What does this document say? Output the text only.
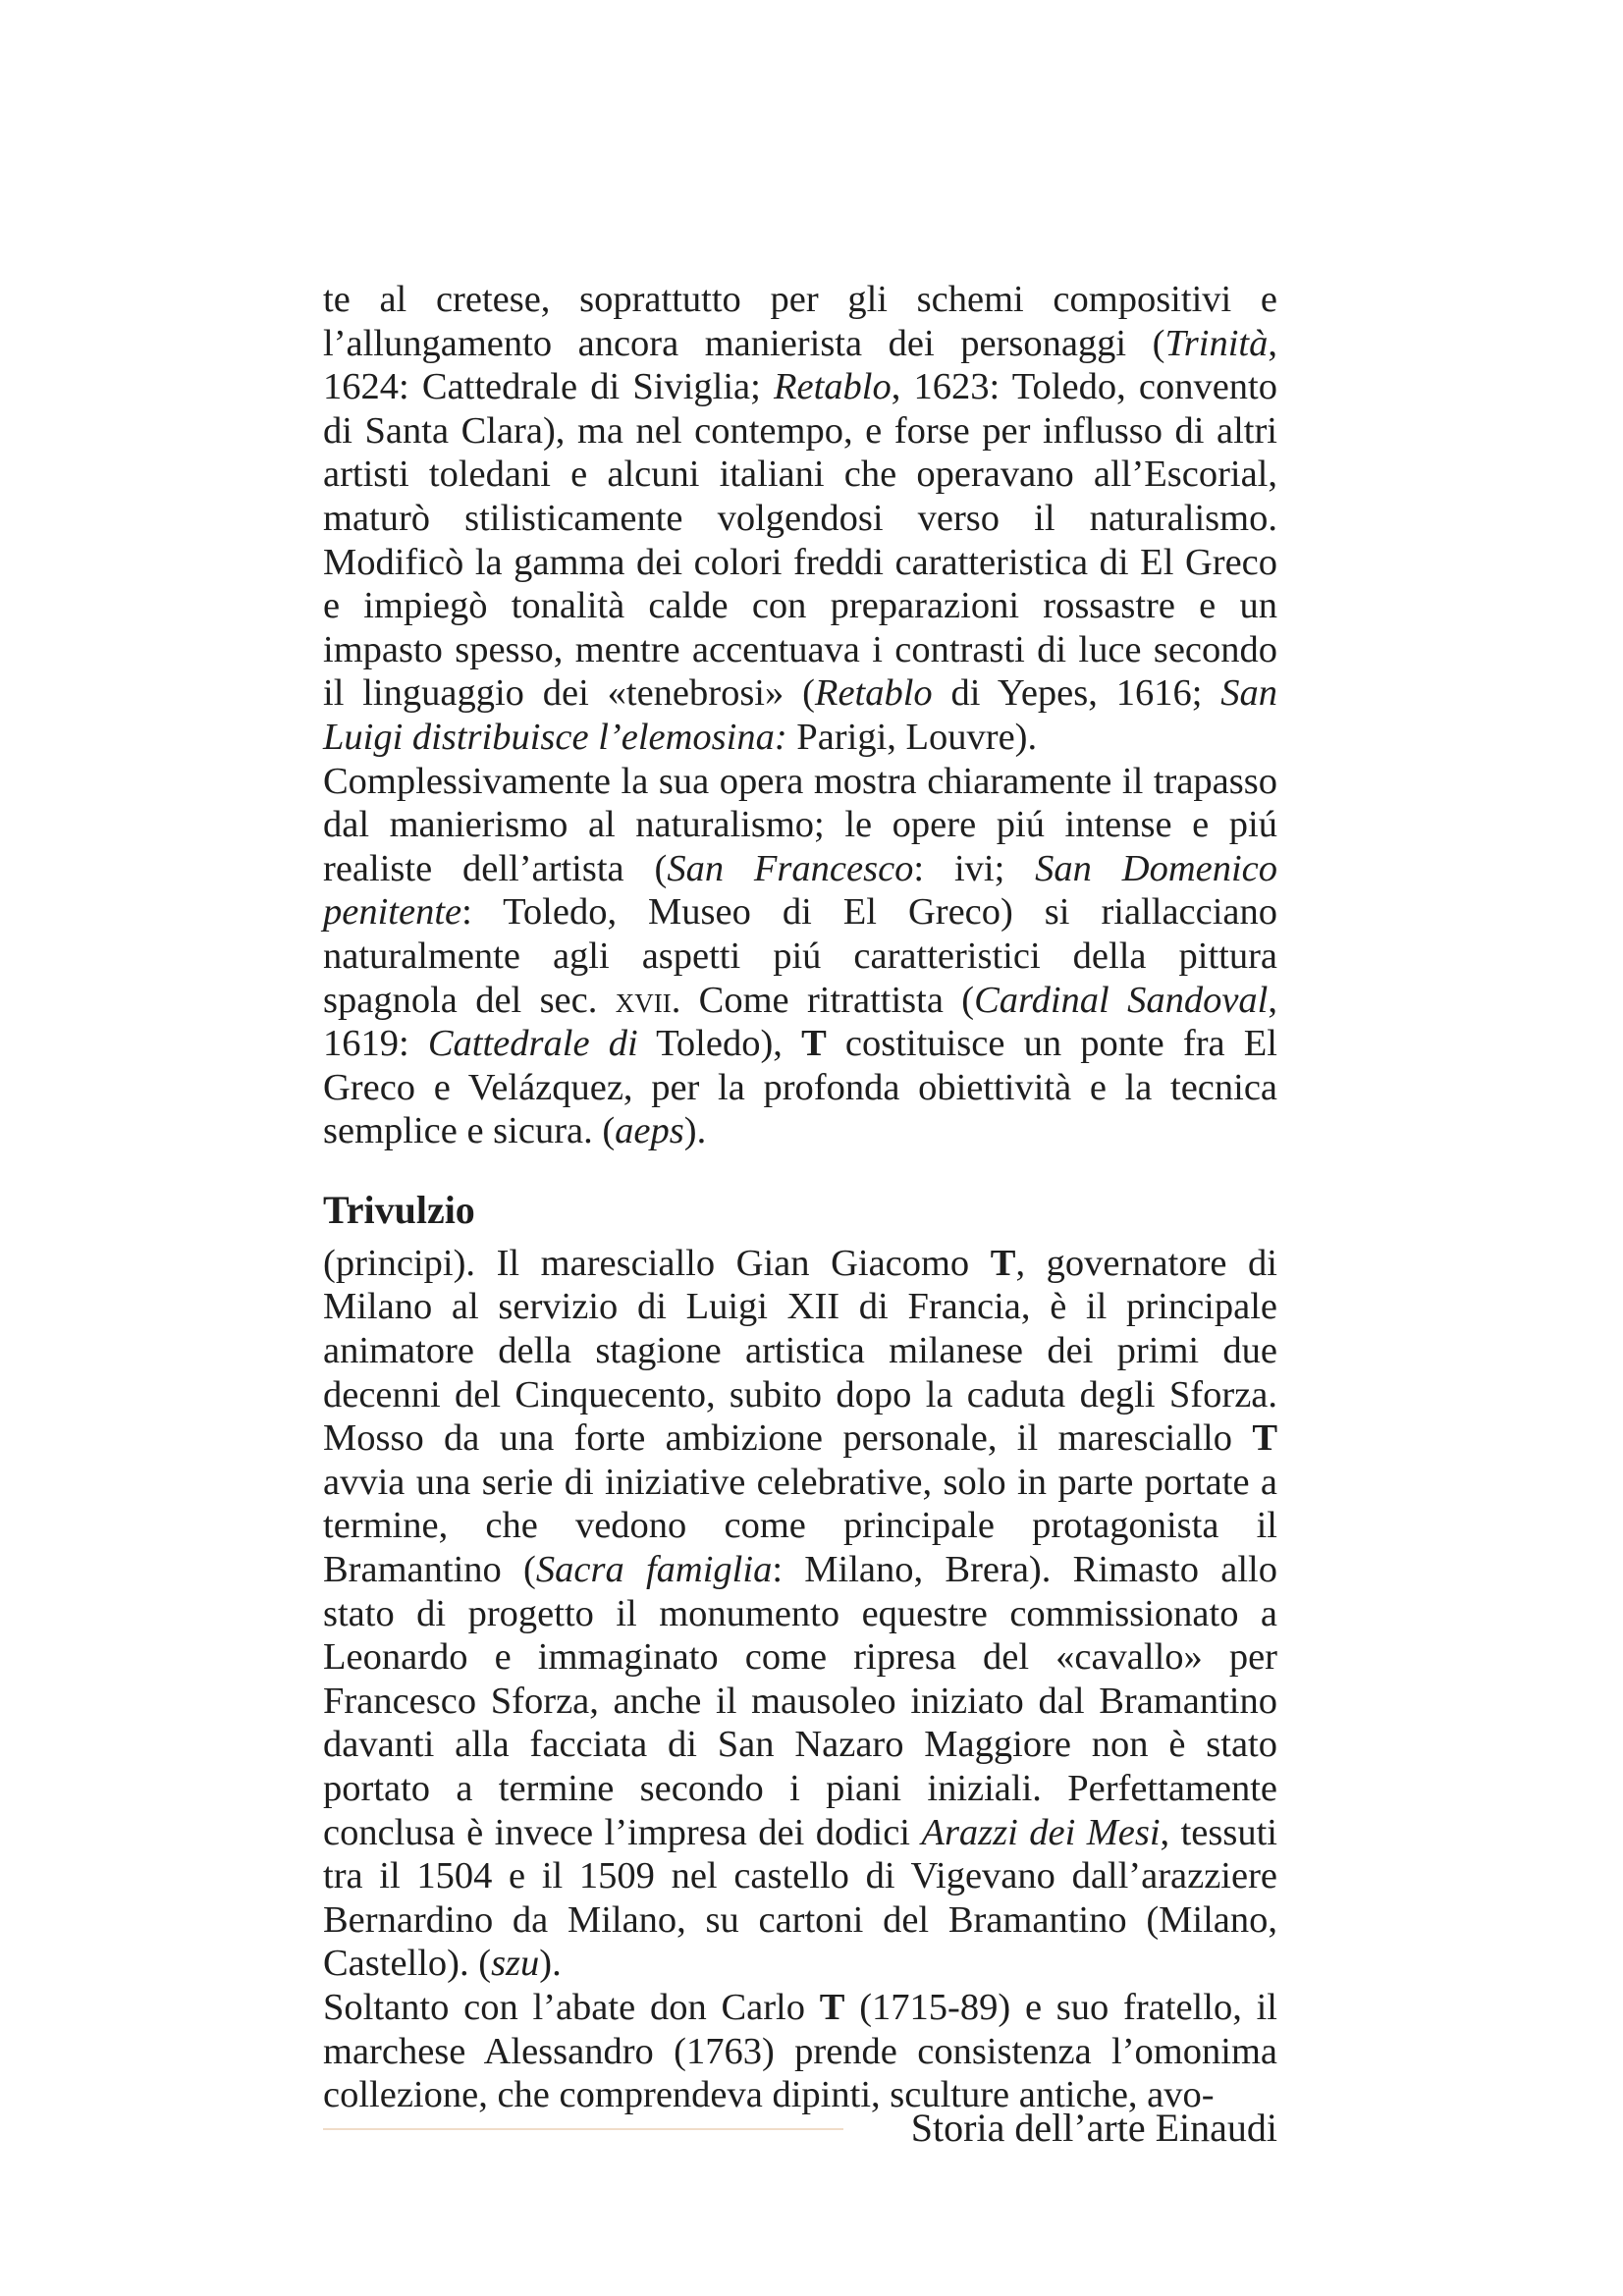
te al cretese, soprattutto per gli schemi compositivi e l’allungamento ancora manierista dei personaggi (Trinità, 1624: Cattedrale di Siviglia; Retablo, 1623: Toledo, convento di Santa Clara), ma nel contempo, e forse per influsso di altri artisti toledani e alcuni italiani che operavano all’Escorial, maturò stilisticamente volgendosi verso il naturalismo. Modificò la gamma dei colori freddi caratteristica di El Greco e impiegò tonalità calde con preparazioni rossastre e un impasto spesso, mentre accentuava i contrasti di luce secondo il linguaggio dei «tenebrosi» (Retablo di Yepes, 1616; San Luigi distribuisce l’elemosina: Parigi, Louvre).

Complessivamente la sua opera mostra chiaramente il trapasso dal manierismo al naturalismo; le opere piú intense e piú realiste dell’artista (San Francesco: ivi; San Domenico penitente: Toledo, Museo di El Greco) si riallacciano naturalmente agli aspetti piú caratteristici della pittura spagnola del sec. xvii. Come ritrattista (Cardinal Sandoval, 1619: Cattedrale di Toledo), T costituisce un ponte fra El Greco e Velázquez, per la profonda obiettività e la tecnica semplice e sicura. (aeps).

Trivulzio

(principi). Il maresciallo Gian Giacomo T, governatore di Milano al servizio di Luigi XII di Francia, è il principale animatore della stagione artistica milanese dei primi due decenni del Cinquecento, subito dopo la caduta degli Sforza. Mosso da una forte ambizione personale, il maresciallo T avvia una serie di iniziative celebrative, solo in parte portate a termine, che vedono come principale protagonista il Bramantino (Sacra famiglia: Milano, Brera). Rimasto allo stato di progetto il monumento equestre commissionato a Leonardo e immaginato come ripresa del «cavallo» per Francesco Sforza, anche il mausoleo iniziato dal Bramantino davanti alla facciata di San Nazaro Maggiore non è stato portato a termine secondo i piani iniziali. Perfettamente conclusa è invece l’impresa dei dodici Arazzi dei Mesi, tessuti tra il 1504 e il 1509 nel castello di Vigevano dall’arazziere Bernardino da Milano, su cartoni del Bramantino (Milano, Castello). (szu).

Soltanto con l’abate don Carlo T (1715-89) e suo fratello, il marchese Alessandro (1763) prende consistenza l’omonima collezione, che comprendeva dipinti, sculture antiche, avo-

Storia dell’arte Einaudi
